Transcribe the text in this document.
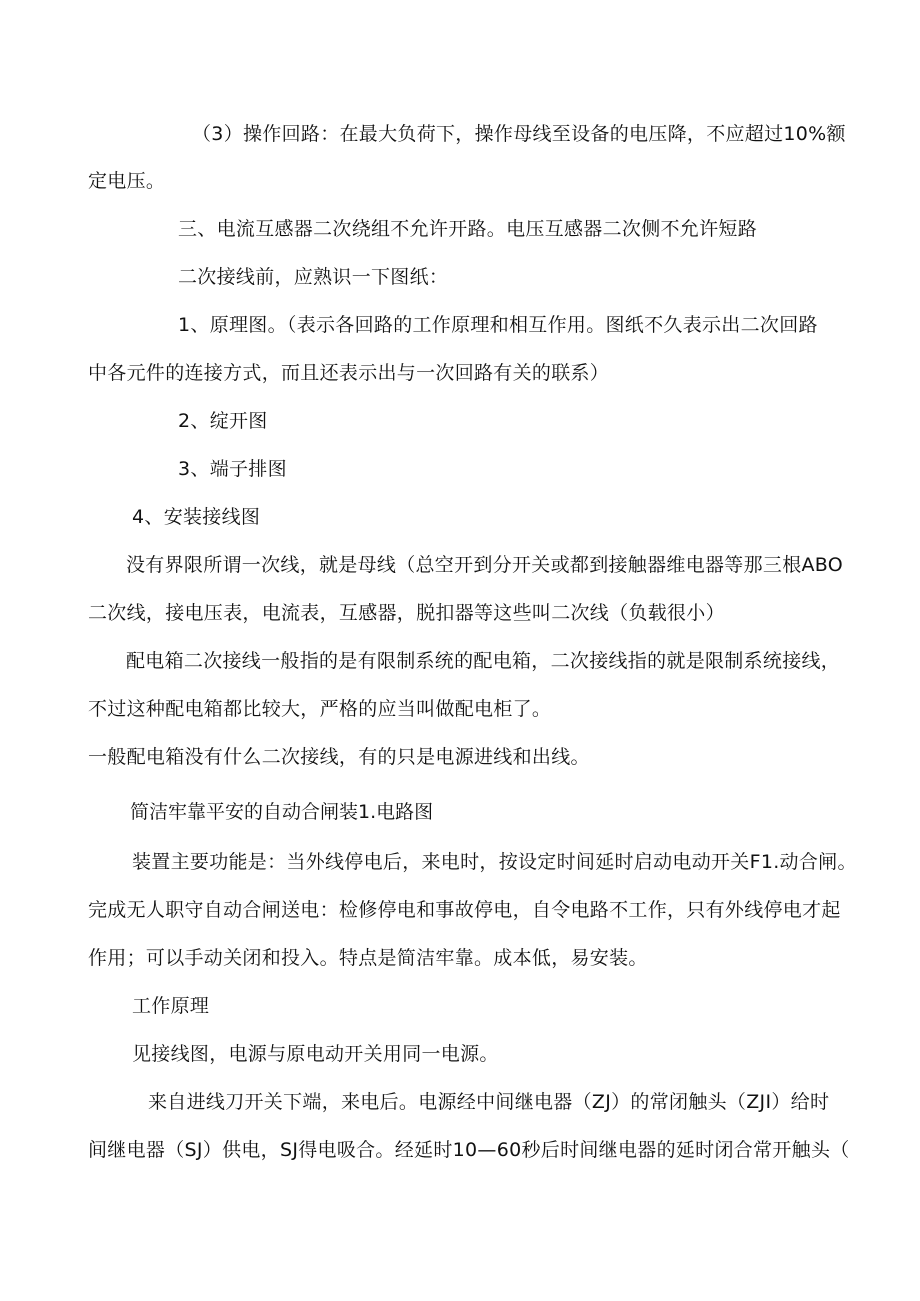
（3）操作回路：在最大负荷下，操作母线至设备的电压降，不应超过10%额
定电压。
三、电流互感器二次绕组不允许开路。电压互感器二次侧不允许短路
二次接线前，应熟识一下图纸：
1、原理图。（表示各回路的工作原理和相互作用。图纸不久表示出二次回路
中各元件的连接方式，而且还表示出与一次回路有关的联系）
2、绽开图
3、端子排图
4、安装接线图
没有界限所谓一次线，就是母线（总空开到分开关或都到接触器维电器等那三根ABO
二次线，接电压表，电流表，互感器，脱扣器等这些叫二次线（负载很小）
配电箱二次接线一般指的是有限制系统的配电箱，二次接线指的就是限制系统接线，
不过这种配电箱都比较大，严格的应当叫做配电柜了。
一般配电箱没有什么二次接线，有的只是电源进线和出线。
简洁牢靠平安的自动合闸装1.电路图
装置主要功能是：当外线停电后，来电时，按设定时间延时启动电动开关F1.动合闸。
完成无人职守自动合闸送电：检修停电和事故停电，自令电路不工作，只有外线停电才起
作用；可以手动关闭和投入。特点是简洁牢靠。成本低，易安装。
工作原理
见接线图，电源与原电动开关用同一电源。
来自进线刀开关下端，来电后。电源经中间继电器（ZJ）的常闭触头（ZJI）给时
间继电器（SJ）供电，SJ得电吸合。经延时10—60秒后时间继电器的延时闭合常开触头（
